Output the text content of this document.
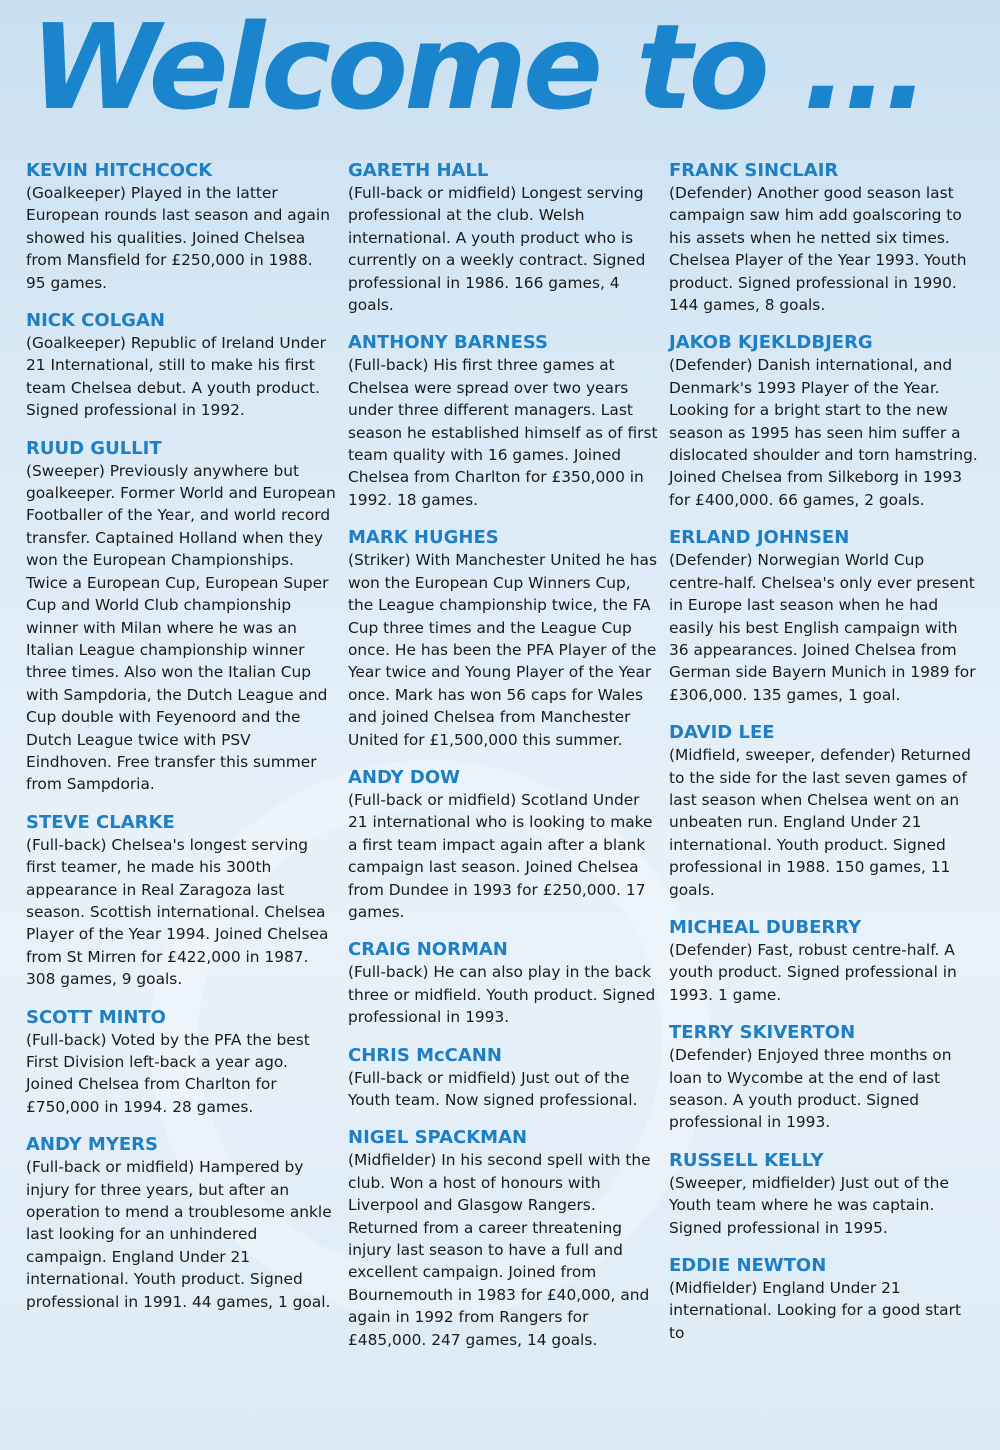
Welcome to ...
KEVIN HITCHCOCK
(Goalkeeper) Played in the latter European rounds last season and again showed his qualities. Joined Chelsea from Mansfield for £250,000 in 1988. 95 games.
NICK COLGAN
(Goalkeeper) Republic of Ireland Under 21 International, still to make his first team Chelsea debut. A youth product. Signed professional in 1992.
RUUD GULLIT
(Sweeper) Previously anywhere but goalkeeper. Former World and European Footballer of the Year, and world record transfer. Captained Holland when they won the European Championships. Twice a European Cup, European Super Cup and World Club championship winner with Milan where he was an Italian League championship winner three times. Also won the Italian Cup with Sampdoria, the Dutch League and Cup double with Feyenoord and the Dutch League twice with PSV Eindhoven. Free transfer this summer from Sampdoria.
STEVE CLARKE
(Full-back) Chelsea's longest serving first teamer, he made his 300th appearance in Real Zaragoza last season. Scottish international. Chelsea Player of the Year 1994. Joined Chelsea from St Mirren for £422,000 in 1987. 308 games, 9 goals.
SCOTT MINTO
(Full-back) Voted by the PFA the best First Division left-back a year ago. Joined Chelsea from Charlton for £750,000 in 1994. 28 games.
ANDY MYERS
(Full-back or midfield) Hampered by injury for three years, but after an operation to mend a troublesome ankle last looking for an unhindered campaign. England Under 21 international. Youth product. Signed professional in 1991. 44 games, 1 goal.
GARETH HALL
(Full-back or midfield) Longest serving professional at the club. Welsh international. A youth product who is currently on a weekly contract. Signed professional in 1986. 166 games, 4 goals.
ANTHONY BARNESS
(Full-back) His first three games at Chelsea were spread over two years under three different managers. Last season he established himself as of first team quality with 16 games. Joined Chelsea from Charlton for £350,000 in 1992. 18 games.
MARK HUGHES
(Striker) With Manchester United he has won the European Cup Winners Cup, the League championship twice, the FA Cup three times and the League Cup once. He has been the PFA Player of the Year twice and Young Player of the Year once. Mark has won 56 caps for Wales and joined Chelsea from Manchester United for £1,500,000 this summer.
ANDY DOW
(Full-back or midfield) Scotland Under 21 international who is looking to make a first team impact again after a blank campaign last season. Joined Chelsea from Dundee in 1993 for £250,000. 17 games.
CRAIG NORMAN
(Full-back) He can also play in the back three or midfield. Youth product. Signed professional in 1993.
CHRIS McCANN
(Full-back or midfield) Just out of the Youth team. Now signed professional.
NIGEL SPACKMAN
(Midfielder) In his second spell with the club. Won a host of honours with Liverpool and Glasgow Rangers. Returned from a career threatening injury last season to have a full and excellent campaign. Joined from Bournemouth in 1983 for £40,000, and again in 1992 from Rangers for £485,000. 247 games, 14 goals.
FRANK SINCLAIR
(Defender) Another good season last campaign saw him add goalscoring to his assets when he netted six times. Chelsea Player of the Year 1993. Youth product. Signed professional in 1990. 144 games, 8 goals.
JAKOB KJEKLDBJERG
(Defender) Danish international, and Denmark's 1993 Player of the Year. Looking for a bright start to the new season as 1995 has seen him suffer a dislocated shoulder and torn hamstring. Joined Chelsea from Silkeborg in 1993 for £400,000. 66 games, 2 goals.
ERLAND JOHNSEN
(Defender) Norwegian World Cup centre-half. Chelsea's only ever present in Europe last season when he had easily his best English campaign with 36 appearances. Joined Chelsea from German side Bayern Munich in 1989 for £306,000. 135 games, 1 goal.
DAVID LEE
(Midfield, sweeper, defender) Returned to the side for the last seven games of last season when Chelsea went on an unbeaten run. England Under 21 international. Youth product. Signed professional in 1988. 150 games, 11 goals.
MICHEAL DUBERRY
(Defender) Fast, robust centre-half. A youth product. Signed professional in 1993. 1 game.
TERRY SKIVERTON
(Defender) Enjoyed three months on loan to Wycombe at the end of last season. A youth product. Signed professional in 1993.
RUSSELL KELLY
(Sweeper, midfielder) Just out of the Youth team where he was captain. Signed professional in 1995.
EDDIE NEWTON
(Midfielder) England Under 21 international. Looking for a good start to
